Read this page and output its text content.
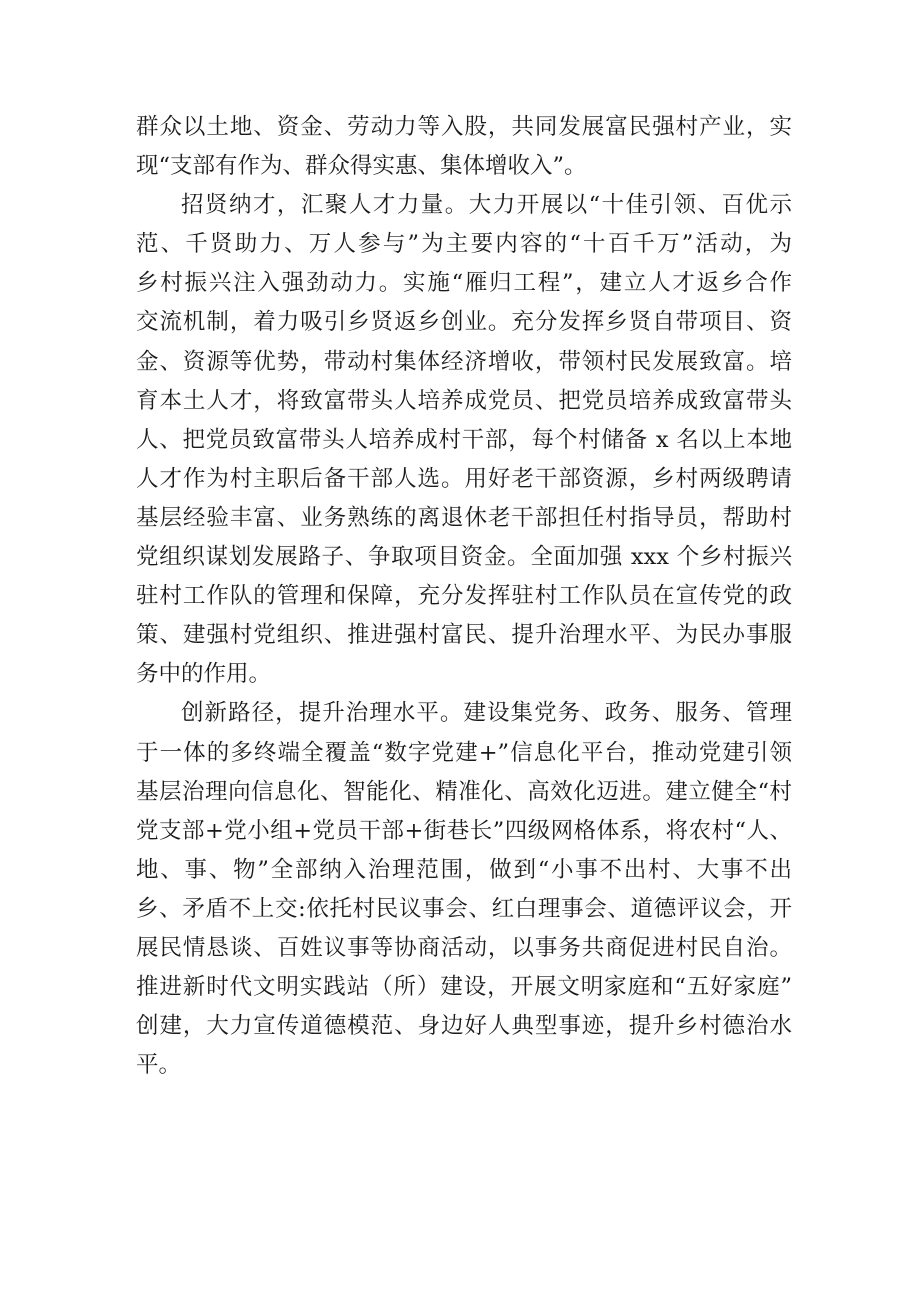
群众以土地、资金、劳动力等入股，共同发展富民强村产业，实
现“支部有作为、群众得实惠、集体增收入”。

招贤纳才，汇聚人才力量。大力开展以“十佳引领、百优示
范、千贤助力、万人参与”为主要内容的“十百千万”活动，为
乡村振兴注入强劲动力。实施“雁归工程”，建立人才返乡合作
交流机制，着力吸引乡贤返乡创业。充分发挥乡贤自带项目、资
金、资源等优势，带动村集体经济增收，带领村民发展致富。培
育本土人才，将致富带头人培养成党员、把党员培养成致富带头
人、把党员致富带头人培养成村干部，每个村储备 x 名以上本地
人才作为村主职后备干部人选。用好老干部资源，乡村两级聘请
基层经验丰富、业务熟练的离退休老干部担任村指导员，帮助村
党组织谋划发展路子、争取项目资金。全面加强 xxx 个乡村振兴
驻村工作队的管理和保障，充分发挥驻村工作队员在宣传党的政
策、建强村党组织、推进强村富民、提升治理水平、为民办事服
务中的作用。

创新路径，提升治理水平。建设集党务、政务、服务、管理
于一体的多终端全覆盖“数字党建+”信息化平台，推动党建引领
基层治理向信息化、智能化、精准化、高效化迈进。建立健全“村
党支部+党小组+党员干部+街巷长”四级网格体系，将农村“人、
地、事、物”全部纳入治理范围，做到“小事不出村、大事不出
乡、矛盾不上交:依托村民议事会、红白理事会、道德评议会，开
展民情恳谈、百姓议事等协商活动，以事务共商促进村民自治。
推进新时代文明实践站（所）建设，开展文明家庭和“五好家庭”
创建，大力宣传道德模范、身边好人典型事迹，提升乡村德治水
平。
